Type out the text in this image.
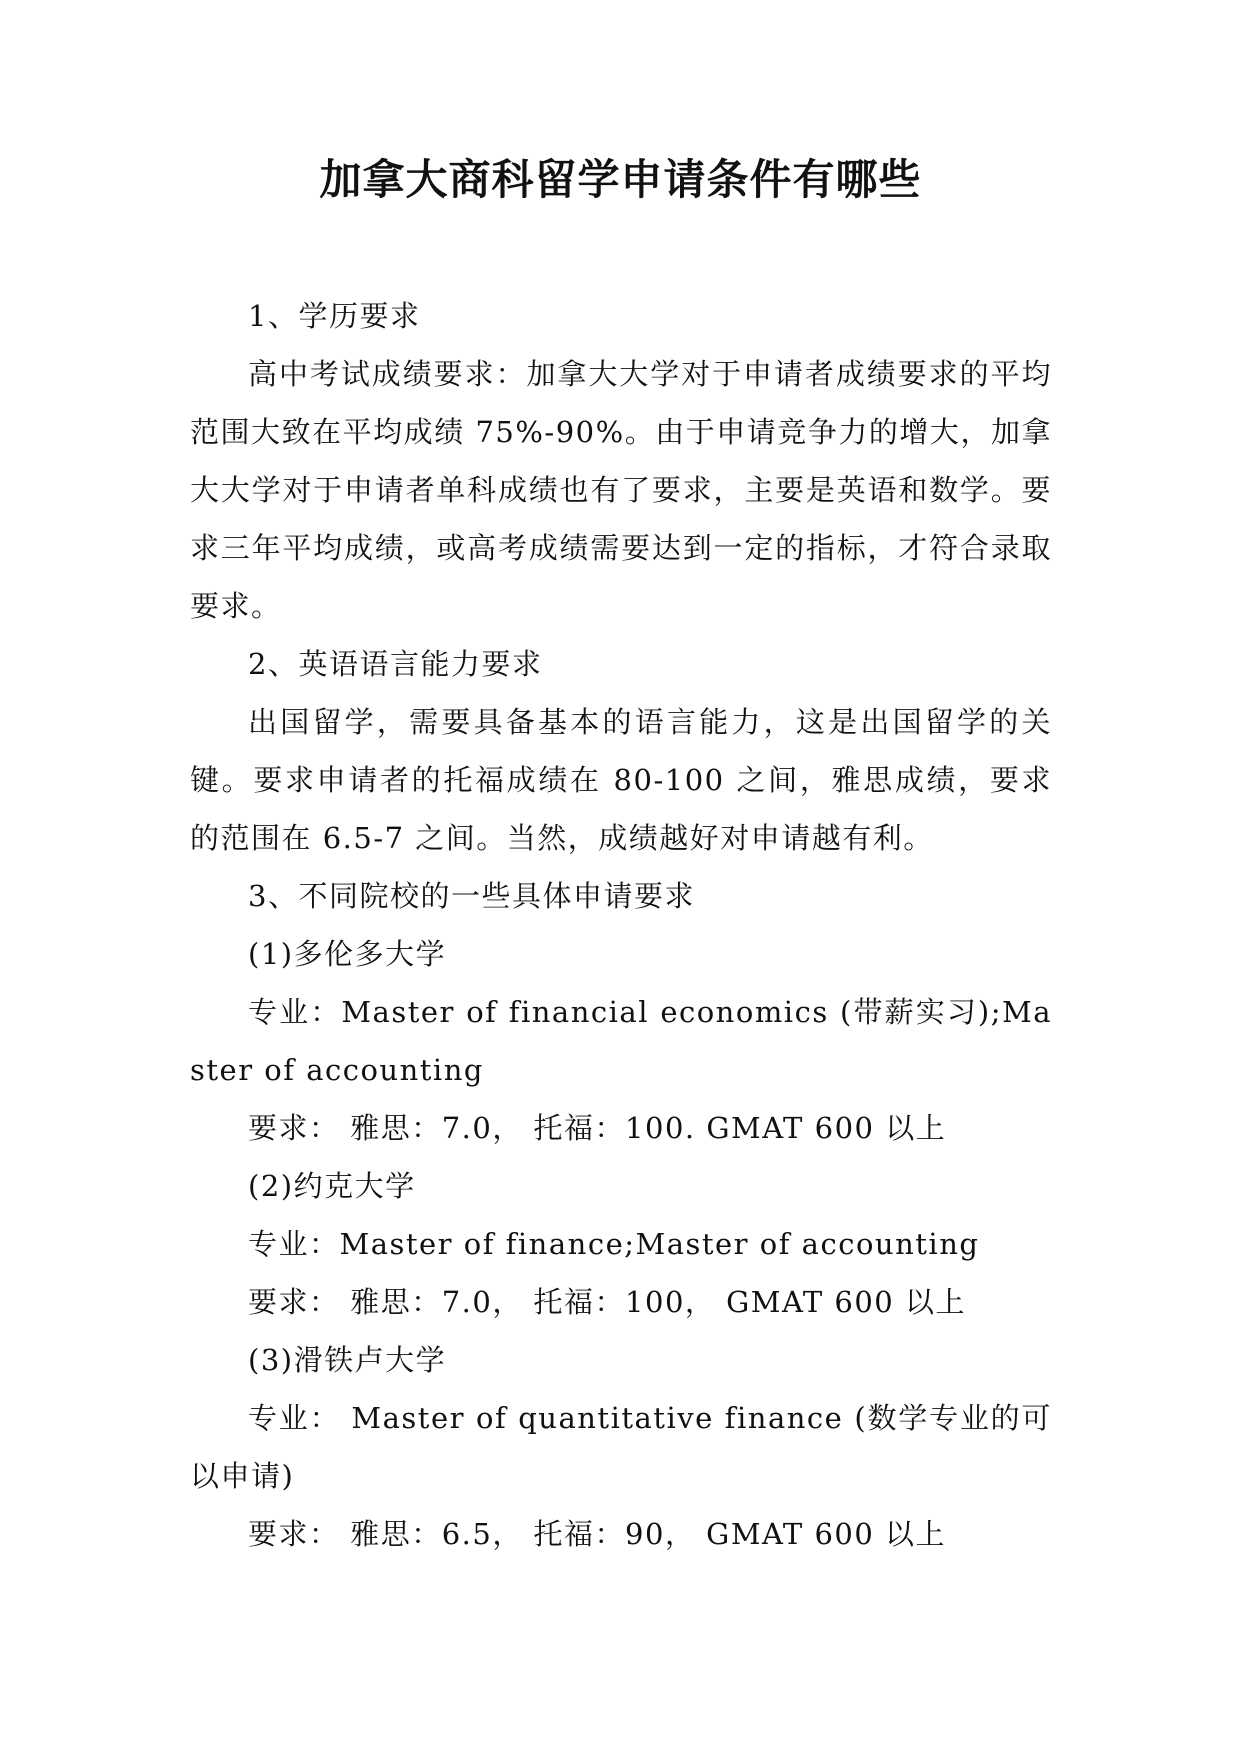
加拿大商科留学申请条件有哪些

1、学历要求

高中考试成绩要求：加拿大大学对于申请者成绩要求的平均范围大致在平均成绩 75%-90%。由于申请竞争力的增大，加拿大大学对于申请者单科成绩也有了要求，主要是英语和数学。要求三年平均成绩，或高考成绩需要达到一定的指标，才符合录取要求。

2、英语语言能力要求

出国留学，需要具备基本的语言能力，这是出国留学的关键。要求申请者的托福成绩在 80-100 之间，雅思成绩，要求的范围在 6.5-7 之间。当然，成绩越好对申请越有利。

3、不同院校的一些具体申请要求

(1)多伦多大学

专业：Master of financial economics (带薪实习);Master of accounting

要求： 雅思：7.0， 托福：100. GMAT 600 以上

(2)约克大学

专业：Master of finance;Master of accounting

要求： 雅思：7.0， 托福：100， GMAT 600 以上

(3)滑铁卢大学

专业： Master of quantitative finance (数学专业的可以申请)

要求： 雅思：6.5， 托福：90， GMAT 600 以上
